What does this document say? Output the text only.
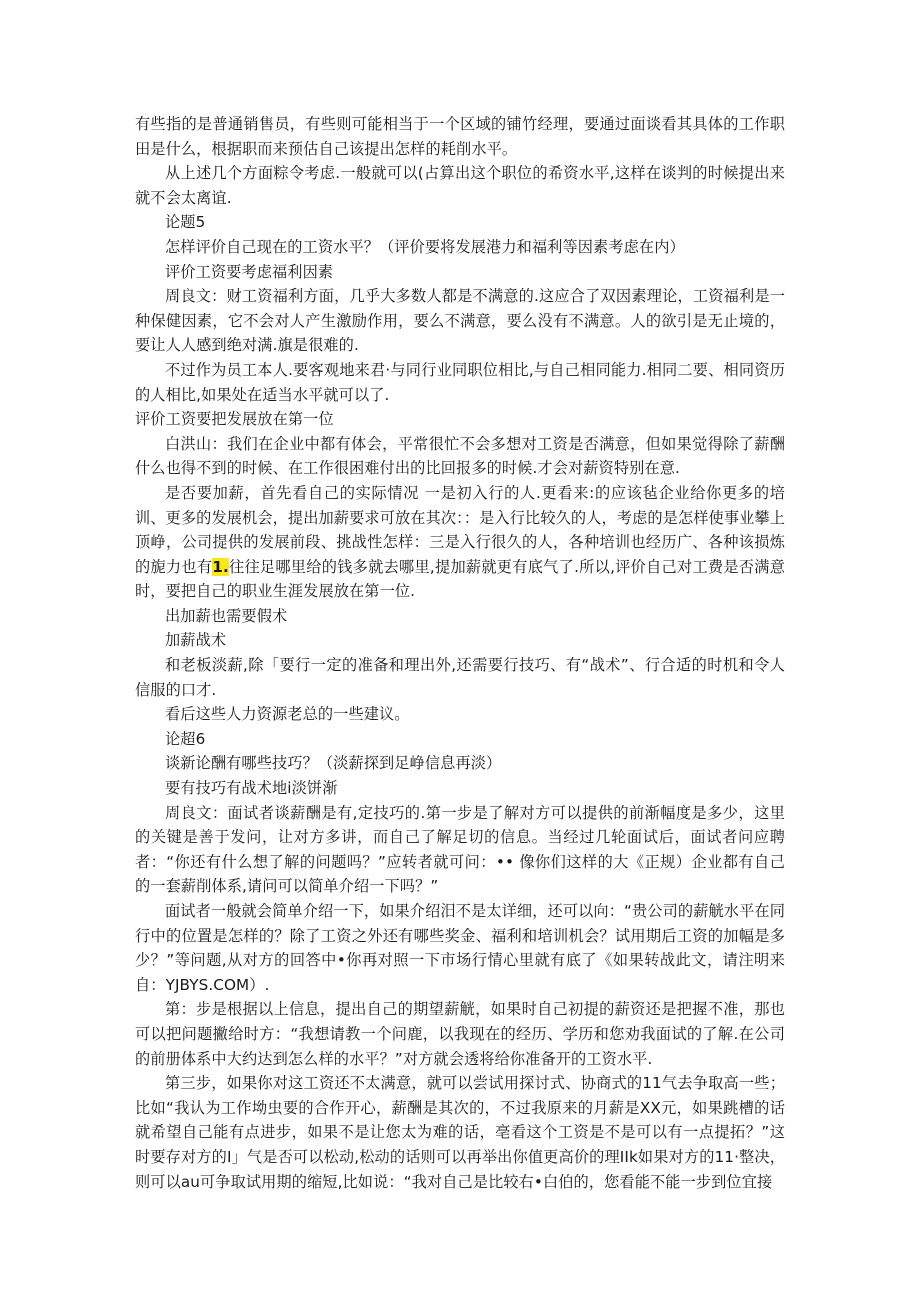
有些指的是普通销售员，有些则可能相当于一个区域的铺竹经理，要通过面谈看其具体的工作职田是什么，根据职而来预估自己该提出怎样的耗削水平。

从上述几个方面粽令考虑.一般就可以(占算出这个职位的希资水平,这样在谈判的时候提出来就不会太离谊.

论题5

怎样评价自己现在的工资水平？（评价要将发展港力和福利等因素考虑在内）

评价工资要考虑福利因素

周良文：财工资福利方面，几乎大多数人都是不满意的.这应合了双因素理论，工资福利是一种保健因素，它不会对人产生激励作用，要么不满意，要么没有不满意。人的欲引是无止境的，要让人人感到绝对满.旗是很难的.

不过作为员工本人.要客观地来君·与同行业同职位相比,与自己相同能力.相同二要、相同资历的人相比,如果处在适当水平就可以了.

评价工资要把发展放在第一位

白洪山：我们在企业中都有体会，平常很忙不会多想对工资是否满意，但如果觉得除了薪酬什么也得不到的时候、在工作很困难付出的比回报多的时候.才会对薪资特别在意.

是否要加薪，首先看自己的实际情况 一是初入行的人.更看来:的应该毡企业给你更多的培训、更多的发展机会，提出加薪要求可放在其次：：是入行比较久的人，考虑的是怎样使事业攀上顶峥，公司提供的发展前段、挑战性怎样：三是入行很久的人，各种培训也经历广、各种该损炼的旎力也有1.往往足哪里给的钱多就去哪里,提加薪就更有底气了.所以,评价自己对工费是否满意时，要把自己的职业生涯发展放在第一位.

出加薪也需要假术

加薪战术

和老板淡薪,除「要行一定的准备和理出外,还需要行技巧、有“战术”、行合适的时机和令人信服的口才.

看后这些人力资源老总的一些建议。

论超6

谈新论酬有哪些技巧？（淡薪探到足峥信息再淡）

要有技巧有战术地i淡饼渐

周良文：面试者谈薪酬是有,定技巧的.第一步是了解对方可以提供的前渐幅度是多少，这里的关键是善于发问，让对方多讲，而自己了解足切的信息。当经过几轮面试后，面试者问应聘者：“你还有什么想了解的问题吗？”应转者就可问：•• 像你们这样的大《正规）企业都有自己的一套薪削体系,请问可以简单介绍一下吗？”

面试者一般就会简单介绍一下，如果介绍汨不是太详细，还可以向：“贵公司的薪觥水平在同行中的位置是怎样的？除了工资之外还有哪些奖金、福利和培训机会？试用期后工资的加幅是多少？”等问题,从对方的回答中•你再对照一下市场行情心里就有底了《如果转战此文，请注明来自：YJBYS.COM）.

第：步是根据以上信息，提出自己的期望薪觥，如果时自己初提的薪资还是把握不准，那也可以把问题撇给时方：“我想请教一个问鹿，以我现在的经历、学历和您劝我面试的了解.在公司的前册体系中大约达到怎么样的水平？”对方就会透将给你准备开的工资水平.

第三步，如果你对这工资还不太满意，就可以尝试用探讨式、协商式的11气去争取高一些；比如“我认为工作坳虫要的合作开心，薪酬是其次的，不过我原来的月薪是XX元，如果跳槽的话就希望自己能有点进步，如果不是让您太为难的话，亳看这个工资是不是可以有一点提拓？”这时要存对方的I」气是否可以松动,松动的话则可以再举出你值更高价的理IIk如果对方的11·整决，则可以au可争取试用期的缩短,比如说：“我对自己是比较右•白伯的，您看能不能一步到位宜接
